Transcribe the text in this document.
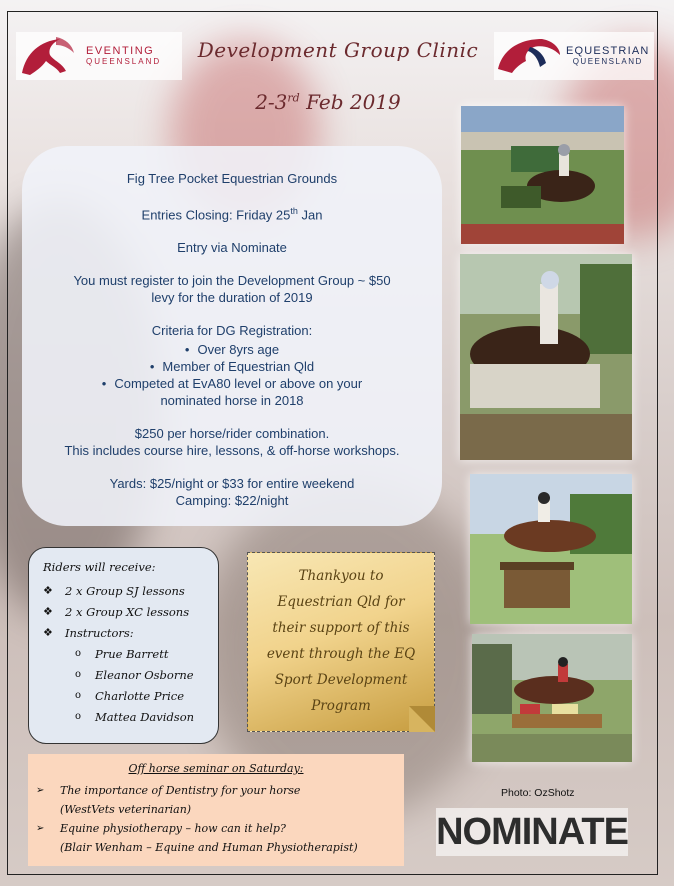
EVENTING
QUEENSLAND	Development Group Clinic	EQUESTRIAN
QUEENSLAND
2-3rd Feb 2019

Fig Tree Pocket Equestrian Grounds

Entries Closing: Friday 25th Jan

Entry via Nominate

You must register to join the Development Group ~ $50

levy for the duration of 2019

Criteria for DG Registration:

• Over 8yrs age
• Member of Equestrian Qld
• Competed at EvA80 level or above on your
nominated horse in 2018

$250 per horse/rider combination.

This includes course hire, lessons, & off-horse workshops.

Yards: $25/night or $33 for entire weekend

Camping: $22/night

Riders will receive:
❖	2 x Group SJ lessons
❖	2 x Group XC lessons
❖	Instructors:
o	Prue Barrett
o	Eleanor Osborne
o	Charlotte Price
o	Mattea Davidson
Thankyou to
Equestrian Qld for
their support of this
event through the EQ
Sport Development
Program
Off horse seminar on Saturday:
➢	The importance of Dentistry for your horse
(WestVets veterinarian)
➢	Equine physiotherapy – how can it help?
(Blair Wenham – Equine and Human Physiotherapist)
Photo: OzShotz
NOMINATE
